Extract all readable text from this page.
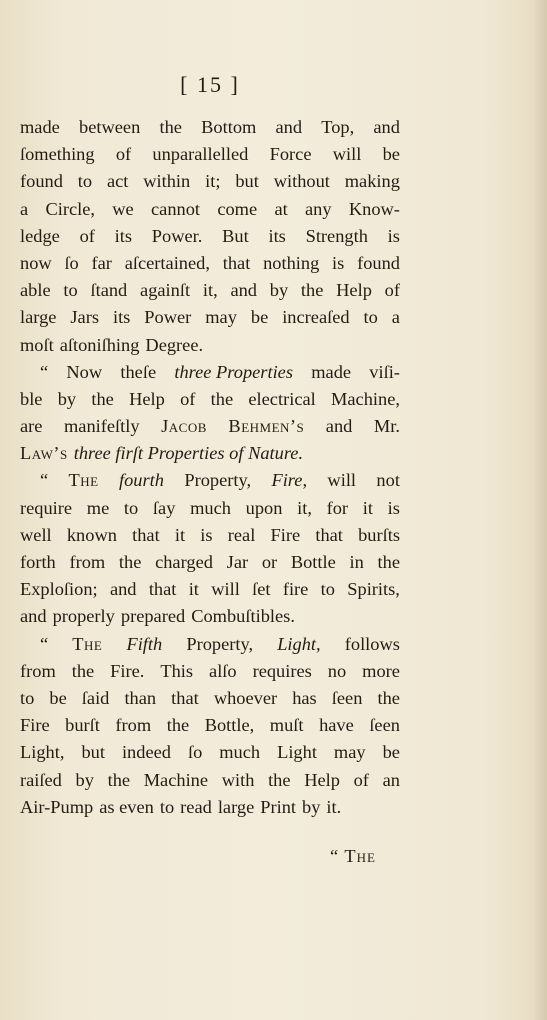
[ 15 ]
made between the Bottom and Top, and
ſomething of unparallelled Force will be
found to act within it; but without making
a Circle, we cannot come at any Know-
ledge of its Power. But its Strength is
now ſo far aſcertained, that nothing is found
able to ſtand againſt it, and by the Help of
large Jars its Power may be increaſed to a
moſt aſtoniſhing Degree.
“ Now theſe three Properties made viſi-
ble by the Help of the electrical Machine,
are manifeſtly Jacob Behmen’s and Mr.
Law’s three firſt Properties of Nature.
“ The fourth Property, Fire, will not
require me to ſay much upon it, for it is
well known that it is real Fire that burſts
forth from the charged Jar or Bottle in the
Exploſion; and that it will ſet fire to Spirits,
and properly prepared Combuſtibles.
“ The Fifth Property, Light, follows
from the Fire. This alſo requires no more
to be ſaid than that whoever has ſeen the
Fire burſt from the Bottle, muſt have ſeen
Light, but indeed ſo much Light may be
raiſed by the Machine with the Help of an
Air-Pump as even to read large Print by it.
“ The
